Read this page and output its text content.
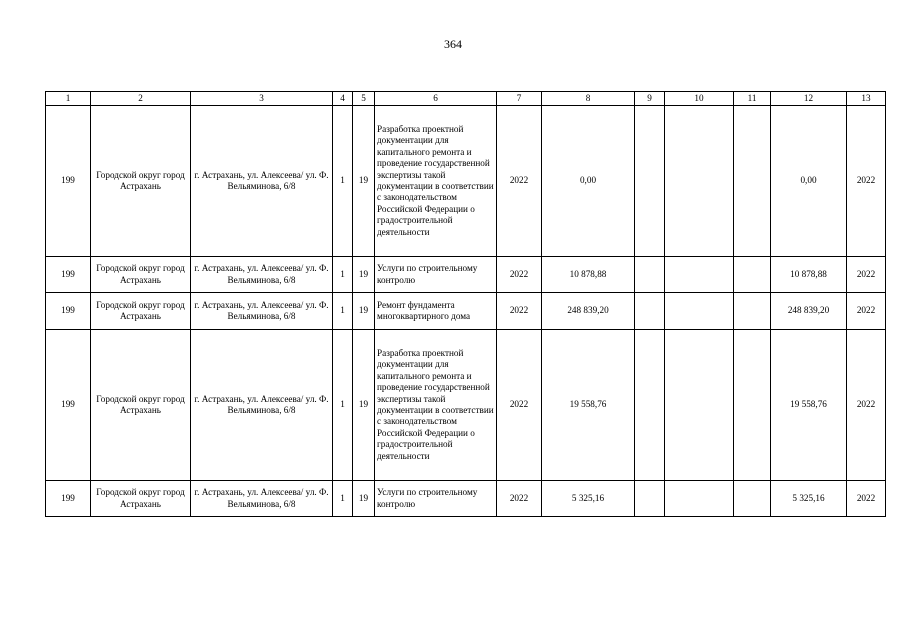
364
1	2	3	4	5	6	7	8	9	10	11	12	13
199	Городской округ город Астрахань	г. Астрахань, ул. Алексеева/ ул. Ф. Вельяминова, 6/8	1	19	Разработка проектной документации для капитального ремонта и проведение государственной экспертизы такой документации в соответствии с законодательством Российской Федерации о градостроительной деятельности	2022	0,00				0,00	2022
199	Городской округ город Астрахань	г. Астрахань, ул. Алексеева/ ул. Ф. Вельяминова, 6/8	1	19	Услуги по строительному контролю	2022	10 878,88				10 878,88	2022
199	Городской округ город Астрахань	г. Астрахань, ул. Алексеева/ ул. Ф. Вельяминова, 6/8	1	19	Ремонт фундамента многоквартирного дома	2022	248 839,20				248 839,20	2022
199	Городской округ город Астрахань	г. Астрахань, ул. Алексеева/ ул. Ф. Вельяминова, 6/8	1	19	Разработка проектной документации для капитального ремонта и проведение государственной экспертизы такой документации в соответствии с законодательством Российской Федерации о градостроительной деятельности	2022	19 558,76				19 558,76	2022
199	Городской округ город Астрахань	г. Астрахань, ул. Алексеева/ ул. Ф. Вельяминова, 6/8	1	19	Услуги по строительному контролю	2022	5 325,16				5 325,16	2022
